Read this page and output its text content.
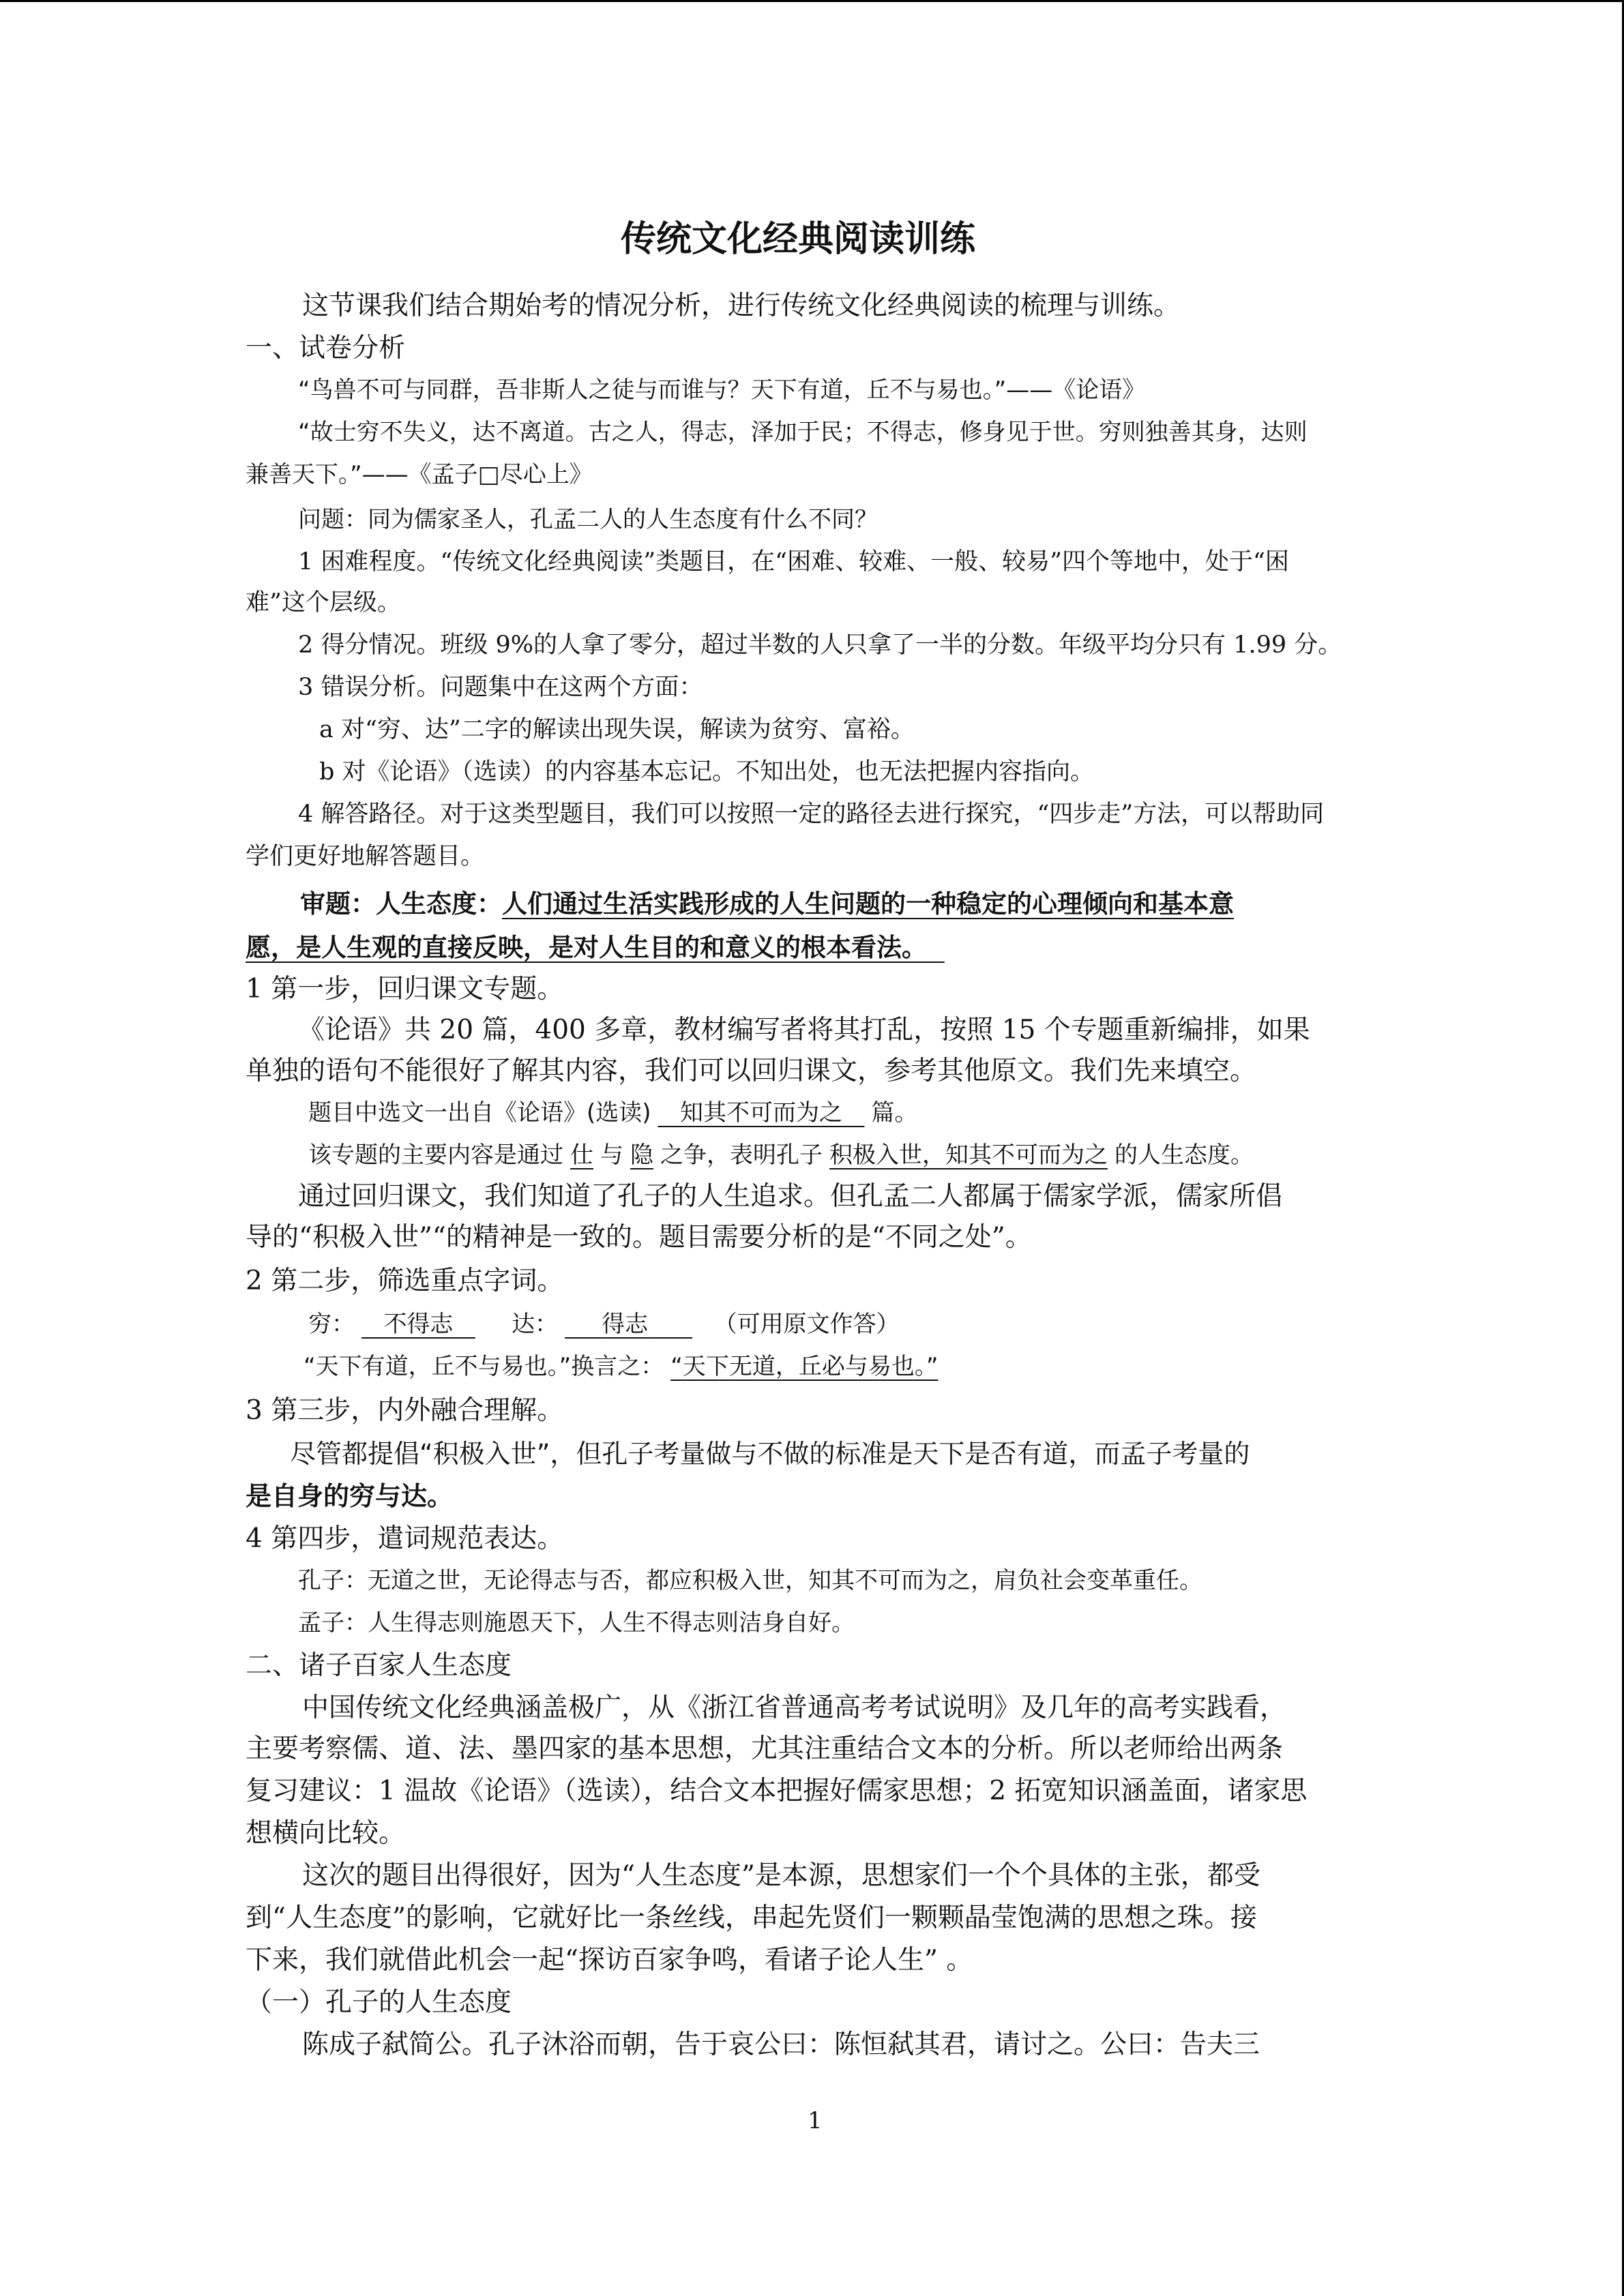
传统文化经典阅读训练
这节课我们结合期始考的情况分析，进行传统文化经典阅读的梳理与训练。
一、试卷分析
“鸟兽不可与同群，吾非斯人之徒与而谁与？天下有道，丘不与易也。”——《论语》
“故士穷不失义，达不离道。古之人，得志，泽加于民；不得志，修身见于世。穷则独善其身，达则
兼善天下。”——《孟子□尽心上》
问题：同为儒家圣人，孔孟二人的人生态度有什么不同？
1 困难程度。“传统文化经典阅读”类题目，在“困难、较难、一般、较易”四个等地中，处于“困
难”这个层级。
2 得分情况。班级 9%的人拿了零分，超过半数的人只拿了一半的分数。年级平均分只有 1.99 分。
3 错误分析。问题集中在这两个方面：
a 对“穷、达”二字的解读出现失误，解读为贫穷、富裕。
b 对《论语》（选读）的内容基本忘记。不知出处，也无法把握内容指向。
4 解答路径。对于这类型题目，我们可以按照一定的路径去进行探究，“四步走”方法，可以帮助同
学们更好地解答题目。
审题：人生态度：人们通过生活实践形成的人生问题的一种稳定的心理倾向和基本意
愿，是人生观的直接反映，是对人生目的和意义的根本看法。
1 第一步，回归课文专题。
《论语》共 20 篇，400 多章，教材编写者将其打乱，按照 15 个专题重新编排，如果
单独的语句不能很好了解其内容，我们可以回归课文，参考其他原文。我们先来填空。
题目中选文一出自《论语》(选读) 知其不可而为之 篇。
该专题的主要内容是通过 仕 与 隐 之争，表明孔子 积极入世，知其不可而为之 的人生态度。
通过回归课文，我们知道了孔子的人生追求。但孔孟二人都属于儒家学派，儒家所倡
导的“积极入世”“的精神是一致的。题目需要分析的是“不同之处”。
2 第二步，筛选重点字词。
穷： 不得志	达： 得志	（可用原文作答）
“天下有道，丘不与易也。”换言之： “天下无道，丘必与易也。”
3 第三步，内外融合理解。
尽管都提倡“积极入世”，但孔子考量做与不做的标准是天下是否有道，而孟子考量的
是自身的穷与达。
4 第四步，遣词规范表达。
孔子：无道之世，无论得志与否，都应积极入世，知其不可而为之，肩负社会变革重任。
孟子：人生得志则施恩天下，人生不得志则洁身自好。
二、诸子百家人生态度
中国传统文化经典涵盖极广，从《浙江省普通高考考试说明》及几年的高考实践看，
主要考察儒、道、法、墨四家的基本思想，尤其注重结合文本的分析。所以老师给出两条
复习建议：1 温故《论语》（选读），结合文本把握好儒家思想；2 拓宽知识涵盖面，诸家思
想横向比较。
这次的题目出得很好，因为“人生态度”是本源，思想家们一个个具体的主张，都受
到“人生态度”的影响，它就好比一条丝线，串起先贤们一颗颗晶莹饱满的思想之珠。接
下来，我们就借此机会一起“探访百家争鸣，看诸子论人生” 。
（一）孔子的人生态度
陈成子弑简公。孔子沐浴而朝，告于哀公曰：陈恒弑其君，请讨之。公曰：告夫三
1
